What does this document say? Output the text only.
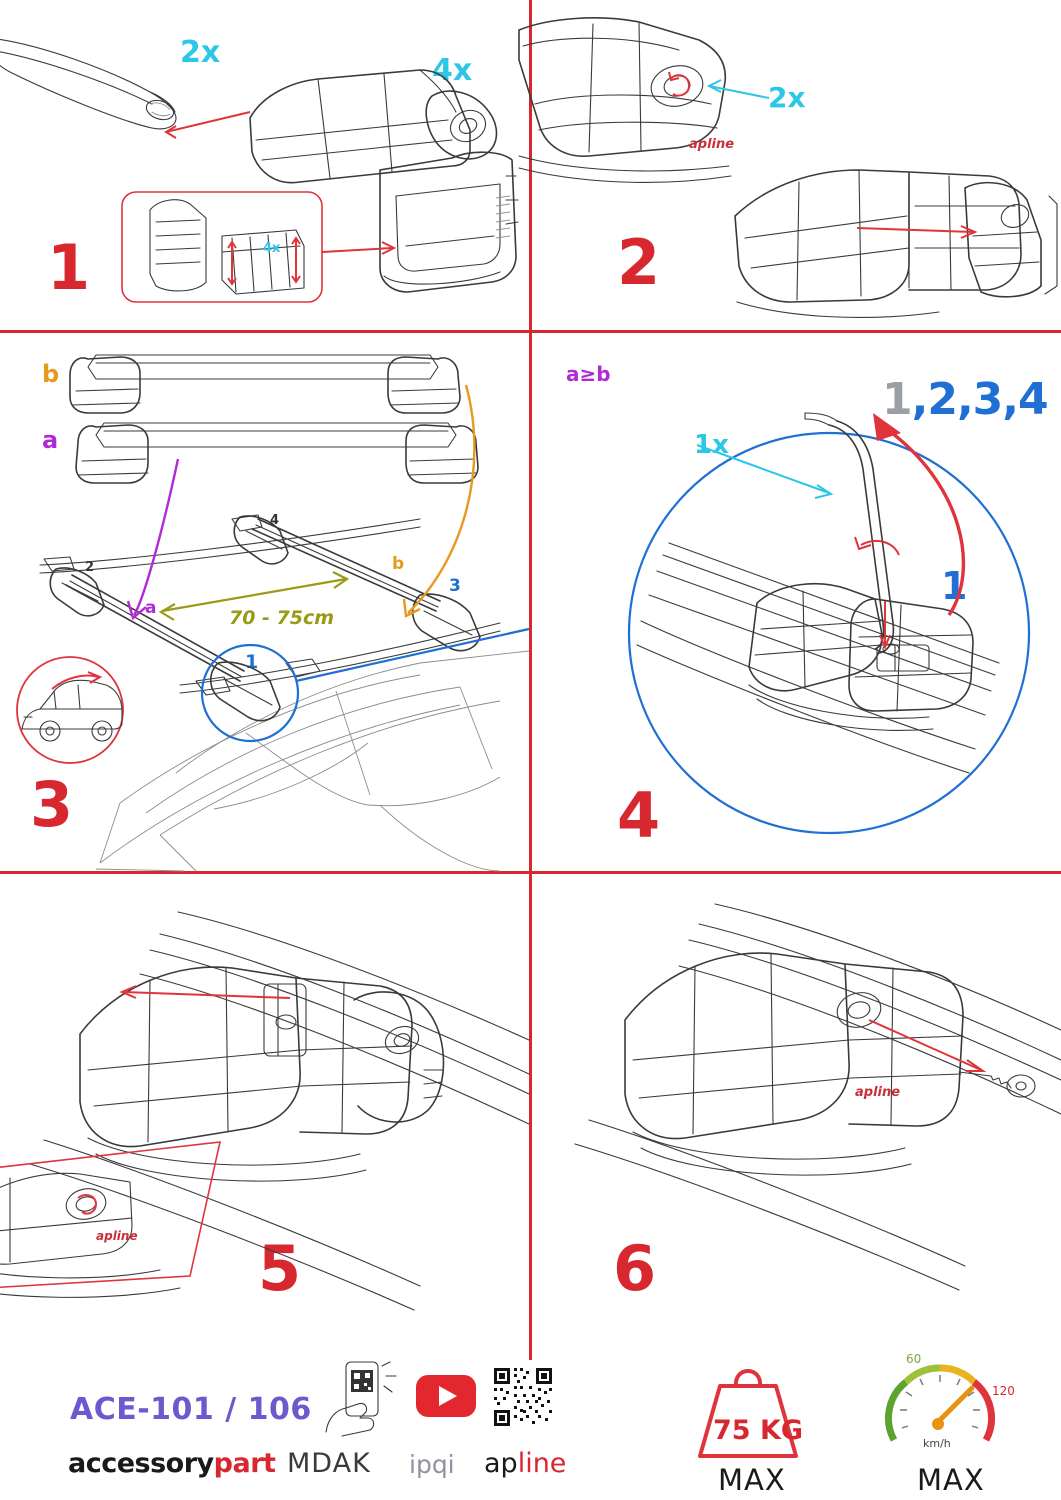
1
2x
4x
4x	2
2x
apline
3
b
a
a
b
70 - 75cm
1
2
3
4
4
a≥b
1x
1,2,3,4
1
5
apline	6
apline
ACE-101 / 106
accessorypart MDAK ipqi apline
75 KG
MAX
60
120
km/h
MAX
